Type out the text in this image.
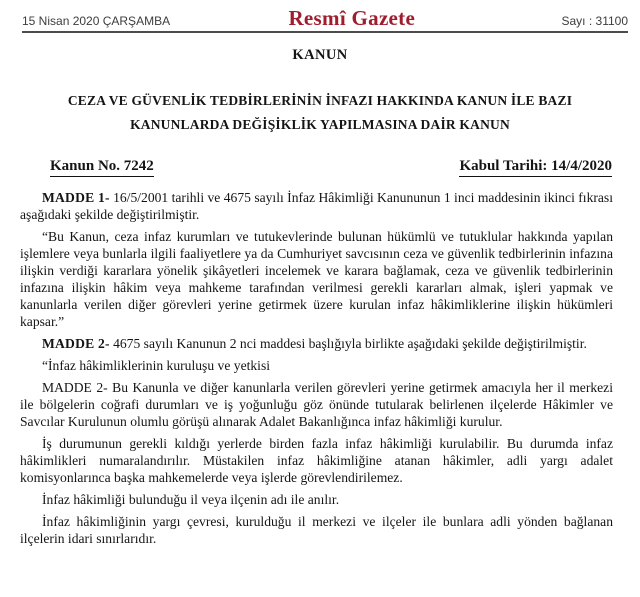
15 Nisan 2020 ÇARŞAMBA	Resmî Gazete	Sayı : 31100
KANUN
CEZA VE GÜVENLİK TEDBİRLERİNİN İNFAZI HAKKINDA KANUN İLE BAZI
KANUNLARDA DEĞİŞİKLİK YAPILMASINA DAİR KANUN
Kanun No. 7242	Kabul Tarihi: 14/4/2020

MADDE 1- 16/5/2001 tarihli ve 4675 sayılı İnfaz Hâkimliği Kanununun 1 inci maddesinin ikinci fıkrası aşağıdaki şekilde değiştirilmiştir.

“Bu Kanun, ceza infaz kurumları ve tutukevlerinde bulunan hükümlü ve tutuklular hakkında yapılan işlemlere veya bunlarla ilgili faaliyetlere ya da Cumhuriyet savcısının ceza ve güvenlik tedbirlerinin infazına ilişkin verdiği kararlara yönelik şikâyetleri incelemek ve karara bağlamak, ceza ve güvenlik tedbirlerinin infazına ilişkin hâkim veya mahkeme tarafından verilmesi gerekli kararları almak, işleri yapmak ve kanunlarla verilen diğer görevleri yerine getirmek üzere kurulan infaz hâkimliklerine ilişkin hükümleri kapsar.”

MADDE 2- 4675 sayılı Kanunun 2 nci maddesi başlığıyla birlikte aşağıdaki şekilde değiştirilmiştir.

“İnfaz hâkimliklerinin kuruluşu ve yetkisi

MADDE 2- Bu Kanunla ve diğer kanunlarla verilen görevleri yerine getirmek amacıyla her il merkezi ile bölgelerin coğrafi durumları ve iş yoğunluğu göz önünde tutularak belirlenen ilçelerde Hâkimler ve Savcılar Kurulunun olumlu görüşü alınarak Adalet Bakanlığınca infaz hâkimliği kurulur.

İş durumunun gerekli kıldığı yerlerde birden fazla infaz hâkimliği kurulabilir. Bu durumda infaz hâkimlikleri numaralandırılır. Müstakilen infaz hâkimliğine atanan hâkimler, adli yargı adalet komisyonlarınca başka mahkemelerde veya işlerde görevlendirilemez.

İnfaz hâkimliği bulunduğu il veya ilçenin adı ile anılır.

İnfaz hâkimliğinin yargı çevresi, kurulduğu il merkezi ve ilçeler ile bunlara adli yönden bağlanan ilçelerin idari sınırlarıdır.
